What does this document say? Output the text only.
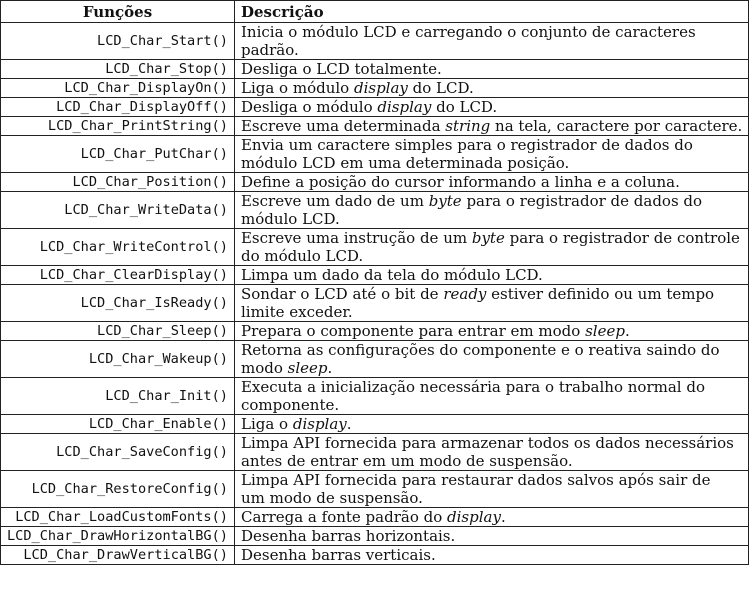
Funções	Descrição
LCD_Char_Start()	Inicia o módulo LCD e carregando o conjunto de caracteres
padrão.

LCD_Char_Stop()	Desliga o LCD totalmente.

LCD_Char_DisplayOn()	Liga o módulo display do LCD.

LCD_Char_DisplayOff()	Desliga o módulo display do LCD.

LCD_Char_PrintString()	Escreve uma determinada string na tela, caractere por caractere.

LCD_Char_PutChar()	Envia um caractere simples para o registrador de dados do
módulo LCD em uma determinada posição.

LCD_Char_Position()	Define a posição do cursor informando a linha e a coluna.

LCD_Char_WriteData()	Escreve um dado de um byte para o registrador de dados do
módulo LCD.

LCD_Char_WriteControl()	Escreve uma instrução de um byte para o registrador de controle
do módulo LCD.

LCD_Char_ClearDisplay()	Limpa um dado da tela do módulo LCD.

LCD_Char_IsReady()	Sondar o LCD até o bit de ready estiver definido ou um tempo
limite exceder.

LCD_Char_Sleep()	Prepara o componente para entrar em modo sleep.

LCD_Char_Wakeup()	Retorna as configurações do componente e o reativa saindo do
modo sleep.

LCD_Char_Init()	Executa a inicialização necessária para o trabalho normal do
componente.

LCD_Char_Enable()	Liga o display.

LCD_Char_SaveConfig()	Limpa API fornecida para armazenar todos os dados necessários
antes de entrar em um modo de suspensão.

LCD_Char_RestoreConfig()	Limpa API fornecida para restaurar dados salvos após sair de
um modo de suspensão.

LCD_Char_LoadCustomFonts()	Carrega a fonte padrão do display.

LCD_Char_DrawHorizontalBG()	Desenha barras horizontais.

LCD_Char_DrawVerticalBG()	Desenha barras verticais.
